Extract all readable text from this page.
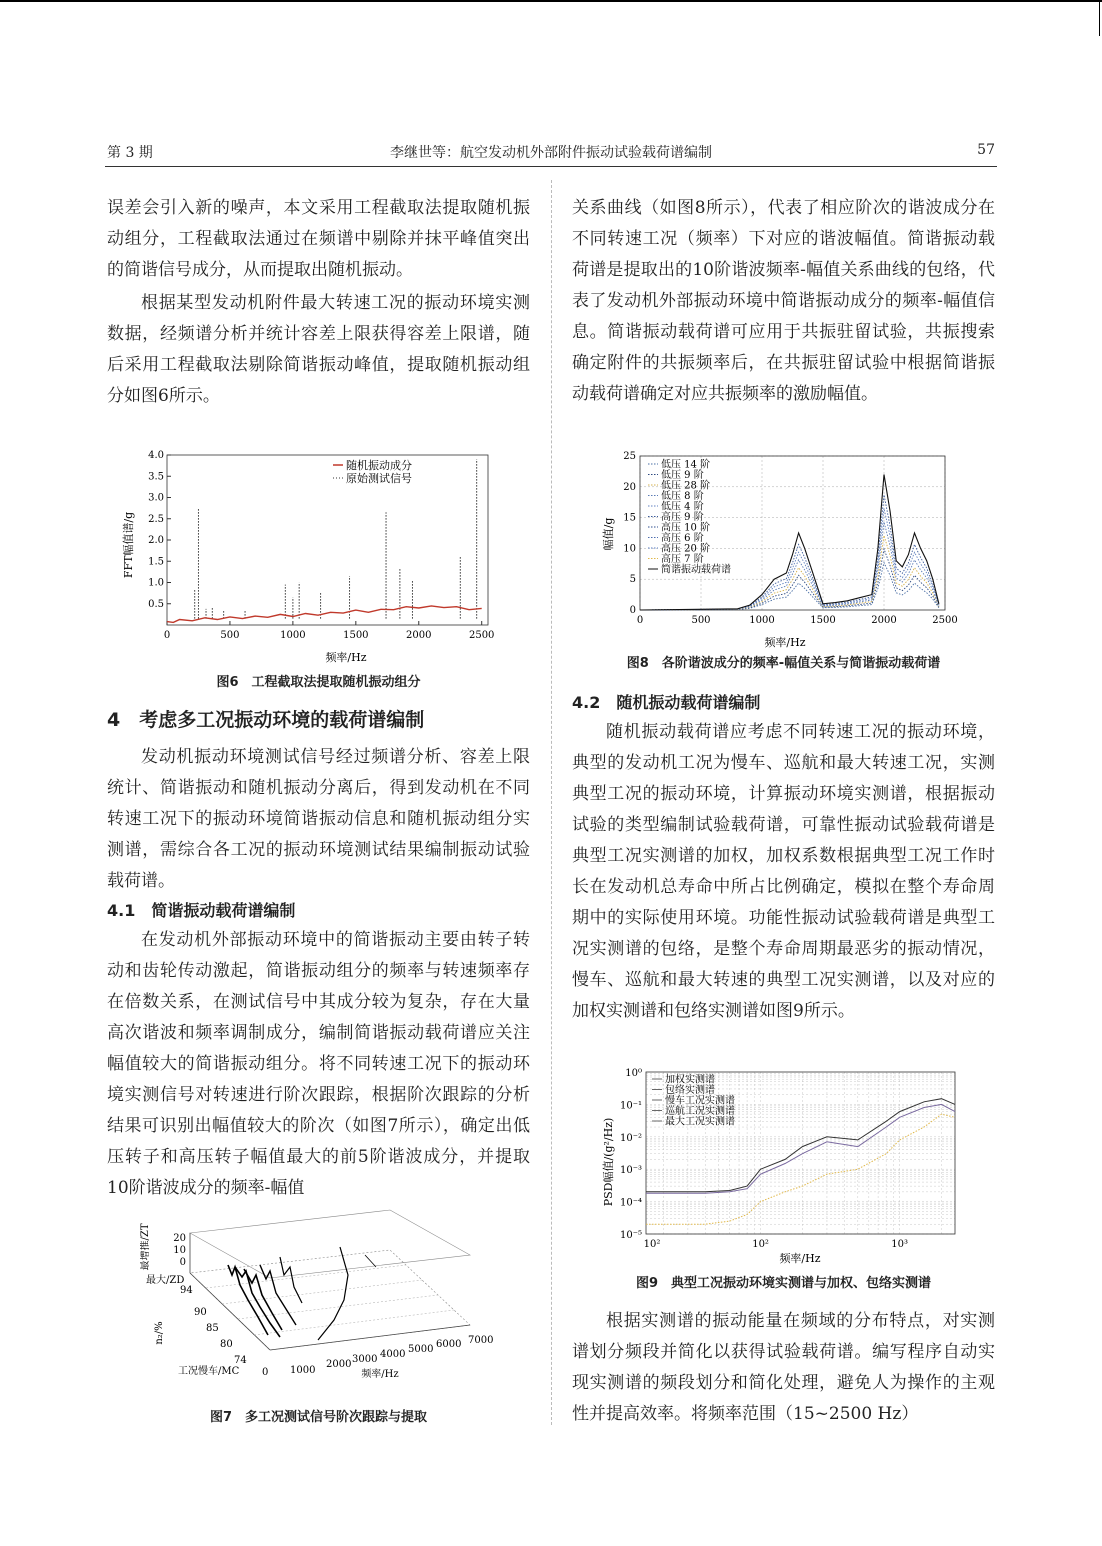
第 3 期	李继世等：航空发动机外部附件振动试验载荷谱编制	57

误差会引入新的噪声，本文采用工程截取法提取随机振动组分，工程截取法通过在频谱中剔除并抹平峰值突出的简谐信号成分，从而提取出随机振动。

根据某型发动机附件最大转速工况的振动环境实测数据，经频谱分析并统计容差上限获得容差上限谱，随后采用工程截取法剔除简谐振动峰值，提取随机振动组分如图6所示。

0	500	1000	1500	2000	2500
0.5
1.0
1.5
2.0
2.5
3.0
3.5
4.0
随机振动成分
原始测试信号
频率/Hz
FFT幅值谱/g
图6　工程截取法提取随机振动组分
4　考虑多工况振动环境的载荷谱编制

发动机振动环境测试信号经过频谱分析、容差上限统计、简谐振动和随机振动分离后，得到发动机在不同转速工况下的振动环境简谐振动信息和随机振动组分实测谱，需综合各工况的振动环境测试结果编制振动试验载荷谱。

4.1　简谐振动载荷谱编制

在发动机外部振动环境中的简谐振动主要由转子转动和齿轮传动激起，简谐振动组分的频率与转速频率存在倍数关系，在测试信号中其成分较为复杂，存在大量高次谐波和频率调制成分，编制简谐振动载荷谱应关注幅值较大的简谐振动组分。将不同转速工况下的振动环境实测信号对转速进行阶次跟踪，根据阶次跟踪的分析结果可识别出幅值较大的阶次（如图7所示），确定出低压转子和高压转子幅值最大的前5阶谐波成分，并提取10阶谐波成分的频率-幅值

20
10
0
最增推/ZT
最大/ZD
94
90
85
80
74
n₂/%
工况慢车/MC 0 1000
2000 3000 4000 5000 6000 7000
频率/Hz
图7　多工况测试信号阶次跟踪与提取

关系曲线（如图8所示），代表了相应阶次的谐波成分在不同转速工况（频率）下对应的谐波幅值。简谐振动载荷谱是提取出的10阶谐波频率-幅值关系曲线的包络，代表了发动机外部振动环境中简谐振动成分的频率-幅值信息。简谐振动载荷谱可应用于共振驻留试验，共振搜索确定附件的共振频率后，在共振驻留试验中根据简谐振动载荷谱确定对应共振频率的激励幅值。

0	500	1000	1500	2000	2500
0
5
10
15
20
25
低压 14 阶
低压 9 阶
低压 28 阶
低压 8 阶
低压 4 阶
高压 9 阶
高压 10 阶
高压 6 阶
高压 20 阶
高压 7 阶
简谐振动载荷谱
频率/Hz
幅值/g
图8　各阶谐波成分的频率-幅值关系与简谐振动载荷谱
4.2　随机振动载荷谱编制

随机振动载荷谱应考虑不同转速工况的振动环境，典型的发动机工况为慢车、巡航和最大转速工况，实测典型工况的振动环境，计算振动环境实测谱，根据振动试验的类型编制试验载荷谱，可靠性振动试验载荷谱是典型工况实测谱的加权，加权系数根据典型工况工作时长在发动机总寿命中所占比例确定，模拟在整个寿命周期中的实际使用环境。功能性振动试验载荷谱是典型工况实测谱的包络，是整个寿命周期最恶劣的振动情况，慢车、巡航和最大转速的典型工况实测谱，以及对应的加权实测谱和包络实测谱如图9所示。

10⁰
10⁻¹
10⁻²
10⁻³
10⁻⁴
10⁻⁵
10²	10²	10³
加权实测谱
包络实测谱
慢车工况实测谱
巡航工况实测谱
最大工况实测谱
频率/Hz
PSD幅值/(g²/Hz)
图9　典型工况振动环境实测谱与加权、包络实测谱

根据实测谱的振动能量在频域的分布特点，对实测谱划分频段并简化以获得试验载荷谱。编写程序自动实现实测谱的频段划分和简化处理，避免人为操作的主观性并提高效率。将频率范围（15~2500 Hz）
